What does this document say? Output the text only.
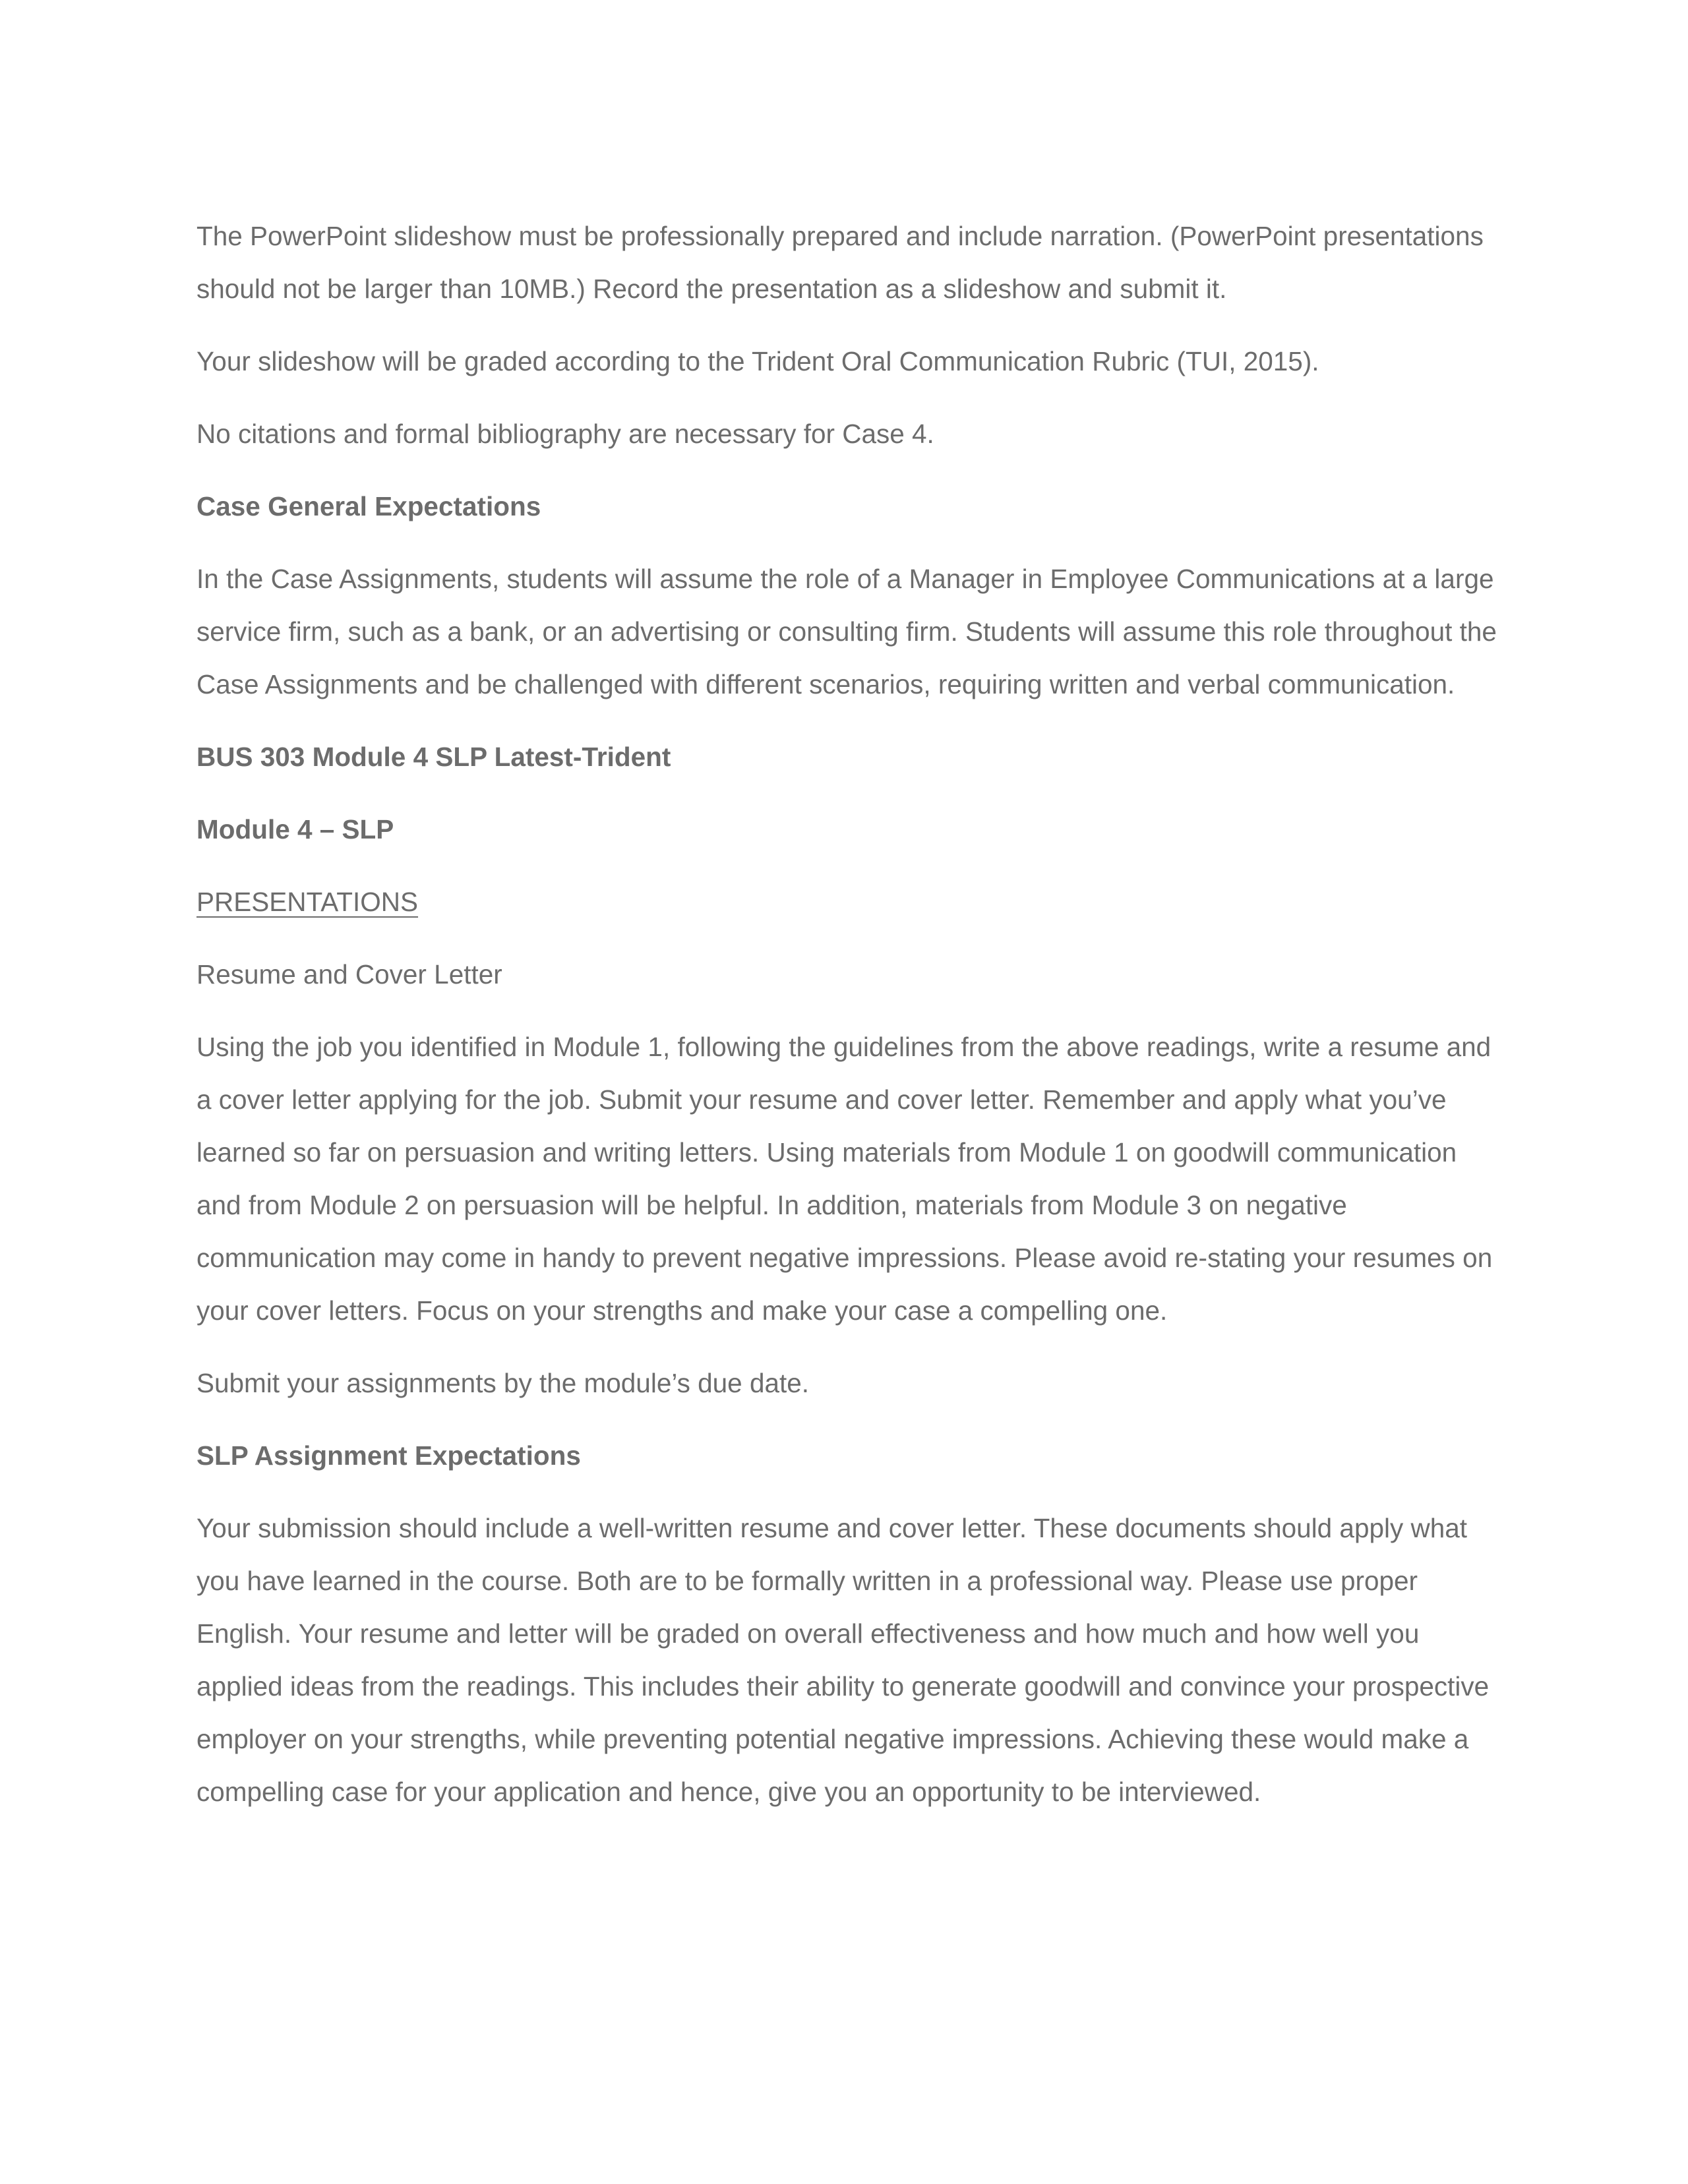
The PowerPoint slideshow must be professionally prepared and include narration. (PowerPoint presentations should not be larger than 10MB.) Record the presentation as a slideshow and submit it.

Your slideshow will be graded according to the Trident Oral Communication Rubric (TUI, 2015).

No citations and formal bibliography are necessary for Case 4.

Case General Expectations

In the Case Assignments, students will assume the role of a Manager in Employee Communications at a large service firm, such as a bank, or an advertising or consulting firm. Students will assume this role throughout the Case Assignments and be challenged with different scenarios, requiring written and verbal communication.

BUS 303 Module 4 SLP Latest-Trident

Module 4 – SLP

PRESENTATIONS

Resume and Cover Letter

Using the job you identified in Module 1, following the guidelines from the above readings, write a resume and a cover letter applying for the job. Submit your resume and cover letter. Remember and apply what you’ve learned so far on persuasion and writing letters. Using materials from Module 1 on goodwill communication and from Module 2 on persuasion will be helpful. In addition, materials from Module 3 on negative communication may come in handy to prevent negative impressions. Please avoid re-stating your resumes on your cover letters. Focus on your strengths and make your case a compelling one.

Submit your assignments by the module’s due date.

SLP Assignment Expectations

Your submission should include a well-written resume and cover letter. These documents should apply what you have learned in the course. Both are to be formally written in a professional way. Please use proper English. Your resume and letter will be graded on overall effectiveness and how much and how well you applied ideas from the readings. This includes their ability to generate goodwill and convince your prospective employer on your strengths, while preventing potential negative impressions. Achieving these would make a compelling case for your application and hence, give you an opportunity to be interviewed.
